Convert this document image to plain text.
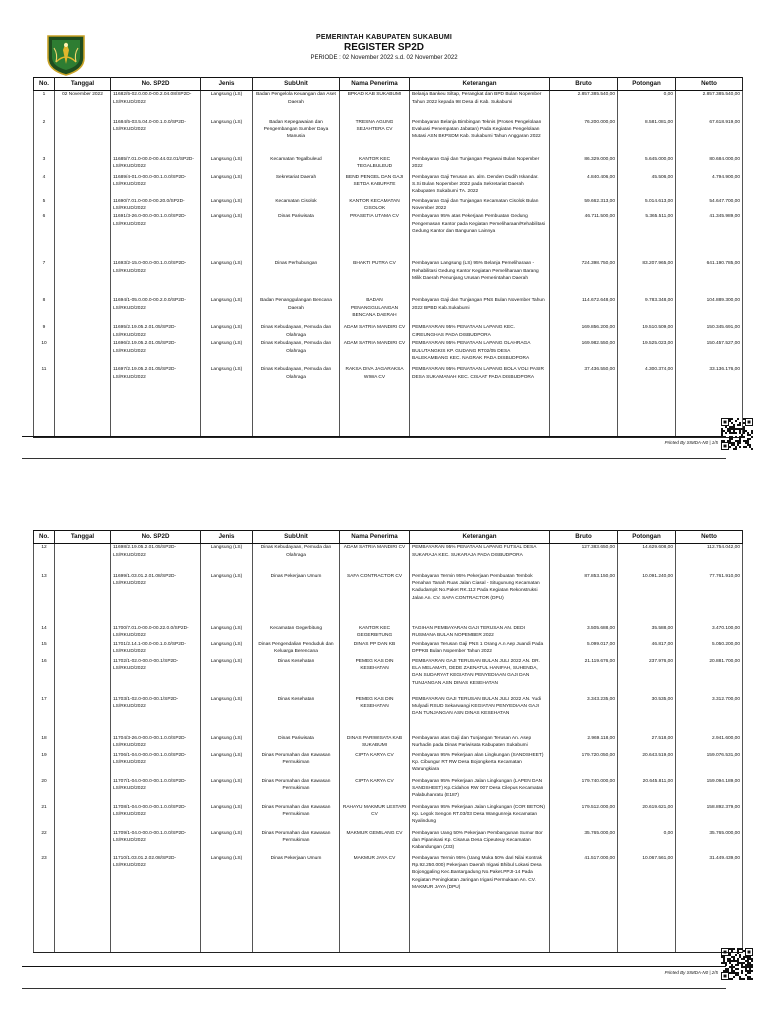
PEMERINTAH KABUPATEN SUKABUMI
REGISTER SP2D
PERIODE : 02 November 2022 s.d. 02 November 2022
No.	Tanggal	No. SP2D	Jenis	SubUnit	Nama Penerima	Keterangan	Bruto	Potongan	Netto
1	02 November 2022	11682/5-02.0.00.0-00.2.04.08/SP2D-LS/RKUD/2022	Langsung (LS)	Badan Pengelola Keuangan dan Aset Daerah	BPKAD KAB SUKABUMI	Belanja Bankeu Siltap, Perangkat dan BPD Bulan Nopember Tahun 2022 kepada 98 Desa di Kab. Sukabumi	2.857.385.540,00	0,00	2.857.385.540,00
2		11684/5-03.5.04.0-00.1.0.0/SP2D-LS/RKUD/2022	Langsung (LS)	Badan Kepegawaian dan Pengembangan Sumber Daya Manusia	TRESNA AGUNG SEJAHTERA CV	Pembayaran Belanja Bimbingan Teknis (Proses Pengelolaan Evaluasi Penempatan Jabatan) Pada Kegiatan Pengelolaan Mutasi ASN BKPSDM Kab. Sukabumi Tahun Anggaran 2022	76.200.000,00	8.581.081,00	67.618.919,00
3		11685/7.01.0-00.0-00.44.02.01/SP2D-LS/RKUD/2022	Langsung (LS)	Kecamatan Tegalbuleud	KANTOR KEC TEGALBULEUD	Pembayaran Gaji dan Tunjangan Pegawai Bulan Nopember 2022	86.329.000,00	5.645.000,00	80.684.000,00
4		11689/4-01.0-00.0-00.1.0.0/SP2D-LS/RKUD/2022	Langsung (LS)	Sekretariat Daerah	BEND PENGEL DAN GAJI SETDA KABUPATE	Pembayaran Gaji Terusan an. alm. Denden Dudih Iskandar. S.Si Bulan Nopember 2022 pada Sekretariat Daerah Kabupaten Sukabumi TA. 2022	4.840.406,00	45.506,00	4.794.900,00
5		11690/7.01.0-00.0-00.20.0/SP2D-LS/RKUD/2022	Langsung (LS)	Kecamatan Cisolok	KANTOR KECAMATAN CISOLOK	Pembayaran Gaji dan Tunjangan Kecamatan Cisolok Bulan November 2022	59.662.313,00	5.014.613,00	54.647.700,00
6		11691/3-26.0-00.0-00.1.0.0/SP2D-LS/RKUD/2022	Langsung (LS)	Dinas Pariwisata	PRASETIA UTAMA CV	Pembayaran 95% atas Pekerjaan Pembuatan Gedung Pengemasan Kantor pada Kegiatan Pemeliharaan/Rehabilitasi Gedung Kantor dan Bangunan Lainnya	46.711.500,00	5.365.511,00	41.345.989,00
7		11693/2-15.0-00.0-00.1.0.0/SP2D-LS/RKUD/2022	Langsung (LS)	Dinas Perhubungan	BHAKTI PUTRA CV	Pembayaran Langsung (LS) 95% Belanja Pemeliharaan - Rehabilitasi Gedung Kantor Kegiatan Pemeliharaan Barang Milik Daerah Penunjang Urusan Pemerintahan Daerah	724.398.750,00	83.207.965,00	641.190.785,00
8		11694/1-05.0.00.0-00.2.0.0/SP2D-LS/RKUD/2022	Langsung (LS)	Badan Penanggulangan Bencana Daerah	BADAN PENANGGULANGAN BENCANA DAERAH	Pembayaran Gaji dan Tunjangan PNS Bulan November Tahun 2022 BPBD Kab.Sukabumi	114.672.648,00	9.783.348,00	104.889.300,00
9		11695/2.19.05.2.01.05/SP2D-LS/RKUD/2022	Langsung (LS)	Dinas Kebudayaan, Pemuda dan Olahraga	ADAM SATRIA MANDIRI CV	PEMBAYARAN 95% PENATAAN LAPANG KEC. CIREUNGHAS PADA DISBUDPORA	169.856.200,00	19.510.509,00	150.345.691,00
10		11696/2.19.05.2.01.05/SP2D-LS/RKUD/2022	Langsung (LS)	Dinas Kebudayaan, Pemuda dan Olahraga	ADAM SATRIA MANDIRI CV	PEMBAYARAN 95% PENATAAN LAPANG OLAHRAGA BULUTANGKIS KP. GUDANG RT02/05 DESA BALEKAMBANG KEC. NAGRAK PADA DISBUDPORA	169.982.550,00	19.525.023,00	150.457.527,00
11		11697/2.19.05.2.01.05/SP2D-LS/RKUD/2022	Langsung (LS)	Dinas Kebudayaan, Pemuda dan Olahraga	RAKSA DIVA JAGARAKSA WIWA CV	PEMBAYARAN 95% PENATAAN LAPANG BOLA VOLI PASIR DESA SUKAMANAH KEC. CISAAT PADA DISBUDPORA	37.436.550,00	4.300.374,00	33.136.176,00

Printed By SIMDA-N0 | 1/5
No.	Tanggal	No. SP2D	Jenis	SubUnit	Nama Penerima	Keterangan	Bruto	Potongan	Netto
12		11698/2.19.05.2.01.05/SP2D-LS/RKUD/2022	Langsung (LS)	Dinas Kebudayaan, Pemuda dan Olahraga	ADAM SATRIA MANDIRI CV	PEMBAYARAN 95% PENATAAN LAPANG FUTSAL DESA SUKARAJA KEC. SUKARAJA PADA DISBUDPORA	127.383.650,00	14.629.608,00	112.754.042,00
13		11699/1.03.01.2.01.08/SP2D-LS/RKUD/2022	Langsung (LS)	Dinas Pekerjaan Umum	SAFA CONTRACTOR CV	Pembayaran Termin 95% Pekerjaan Pembuatan Tembok Penahan Tanah Ruas Jalan Ciasal - Situgunung Kecamatan Kadudampit No.Paket RK.112 Pada Kegiatan Rekonstruksi Jalan An. CV. SAFA CONTRACTOR (DPU)	87.853.150,00	10.091.240,00	77.761.910,00
14		11700/7.01.0-00.0-00.22.0.0/SP2D-LS/RKUD/2022	Langsung (LS)	Kecamatan Gegerbitung	KANTOR KEC GEGERBITUNG	TAGIHAN PEMBAYARAN GAJI TERUSAN AN. DEDI RUSMANA BULAN NOPEMBER 2022	3.505.688,00	35.588,00	3.470.100,00
15		11701/2.14.1-00.0-00.1.0.0/SP2D-LS/RKUD/2022	Langsung (LS)	Dinas Pengendalian Penduduk dan Keluarga Berencana	DINAS PP DAN KB	Pembayaran Terusan Gaji PNS 1 Orang A.n Aep Juandi Pada DPPKB Bulan Nopember Tahun 2022	5.099.017,00	46.817,00	5.050.200,00
16		11702/1-02.0-00.0-00.1/SP2D-LS/RKUD/2022	Langsung (LS)	Dinas Kesehatan	PEMEG KAS DIN KESEHATAN	PEMBAYARAN GAJI TERUSAN BULAN JULI 2022 AN. DR. ELA MELAMATI, DEDE ZAENATUL HANIFAH, SUHENDA, DAN SUDARYAT KEGIATAN PENYEDIAAN GAJI DAN TUNJANGAN ASN DINAS KESEHATAN	21.119.676,00	237.976,00	20.881.700,00
17		11703/1-02.0-00.0-00.1/SP2D-LS/RKUD/2022	Langsung (LS)	Dinas Kesehatan	PEMEG KAS DIN KESEHATAN	PEMBAYARAN GAJI TERUSAN BULAN JULI 2022 AN. Yudi Mulyadi RSUD Sekarwangi KEGIATAN PENYEDIAAN GAJI DAN TUNJANGAN ASN DINAS KESEHATAN	3.343.235,00	30.535,00	3.312.700,00
18		11704/3-26.0-00.0-00.1.0.0/SP2D-LS/RKUD/2022	Langsung (LS)	Dinas Pariwisata	DINAS PARIWISATA KAB SUKABUMI	Pembayaran atas Gaji dan Tunjangan Terusan An. Asep Nurhadin pada Dinas Pariwisata Kabupaten Sukabumi	2.969.118,00	27.518,00	2.941.600,00
19		11706/1-04.0-00.0-00.1.0.0/SP2D-LS/RKUD/2022	Langsung (LS)	Dinas Perumahan dan Kawasan Permukiman	CIPTA KARYA CV	Pembayaran 95% Pekerjaan alan Lingkungan (SANDSHEET) Kp. Cibungur RT RW Desa Bojongkerta Kecamatan Warungkiara	179.720.050,00	20.643.519,00	159.076.531,00
20		11707/1-04.0-00.0-00.1.0.0/SP2D-LS/RKUD/2022	Langsung (LS)	Dinas Perumahan dan Kawasan Permukiman	CIPTA KARYA CV	Pembayaran 95% Pekerjaan Jalan Lingkungan (LAPEN DAN SANDSHEET) Kp.Cidahon RW 007 Desa Cilepus Kecamatan Palabuhanratu (E187)	179.740.000,00	20.645.811,00	159.094.189,00
21		11708/1-04.0-00.0-00.1.0.0/SP2D-LS/RKUD/2022	Langsung (LS)	Dinas Perumahan dan Kawasan Permukiman	RAHAYU MAKMUR LESTARI CV	Pembayaran 95% Pekerjaan Jalan Lingkungan (COR BETON) Kp. Legok Sengon RT.03/03 Desa Wangunreja Kecamatan Nyalindung	179.512.000,00	20.619.621,00	158.892.379,00
22		11709/1-04.0-00.0-00.1.0.0/SP2D-LS/RKUD/2022	Langsung (LS)	Dinas Perumahan dan Kawasan Permukiman	MAKMUR GEMILANG CV	Pembayaran Uang 50% Pekerjaan Pembangunan Sumur Bor dan Pipanisasi Kp. Cisarua Desa Cipeuteuy Kecamatan Kabandungan (J33)	35.765.000,00	0,00	35.765.000,00
23		11710/1.03.01.2.02.08/SP2D-LS/RKUD/2022	Langsung (LS)	Dinas Pekerjaan Umum	MAKMUR JAYA CV	Pembayaran Termin 95% (Uang Muka 50% dari Nilai Kontrak Rp.92.250.000) Pekerjaan Daerah Irigasi Bhibul Lokasi Desa Bojonggaling Kec.Bantargadung No.Paket.PPJI-14 Pada Kegiatan Peningkatan Jaringan Irigasi Permukaan An. CV. MAKMUR JAYA (DPU)	41.517.000,00	10.067.561,00	31.449.439,00

Printed By SIMDA-N0 | 2/5
